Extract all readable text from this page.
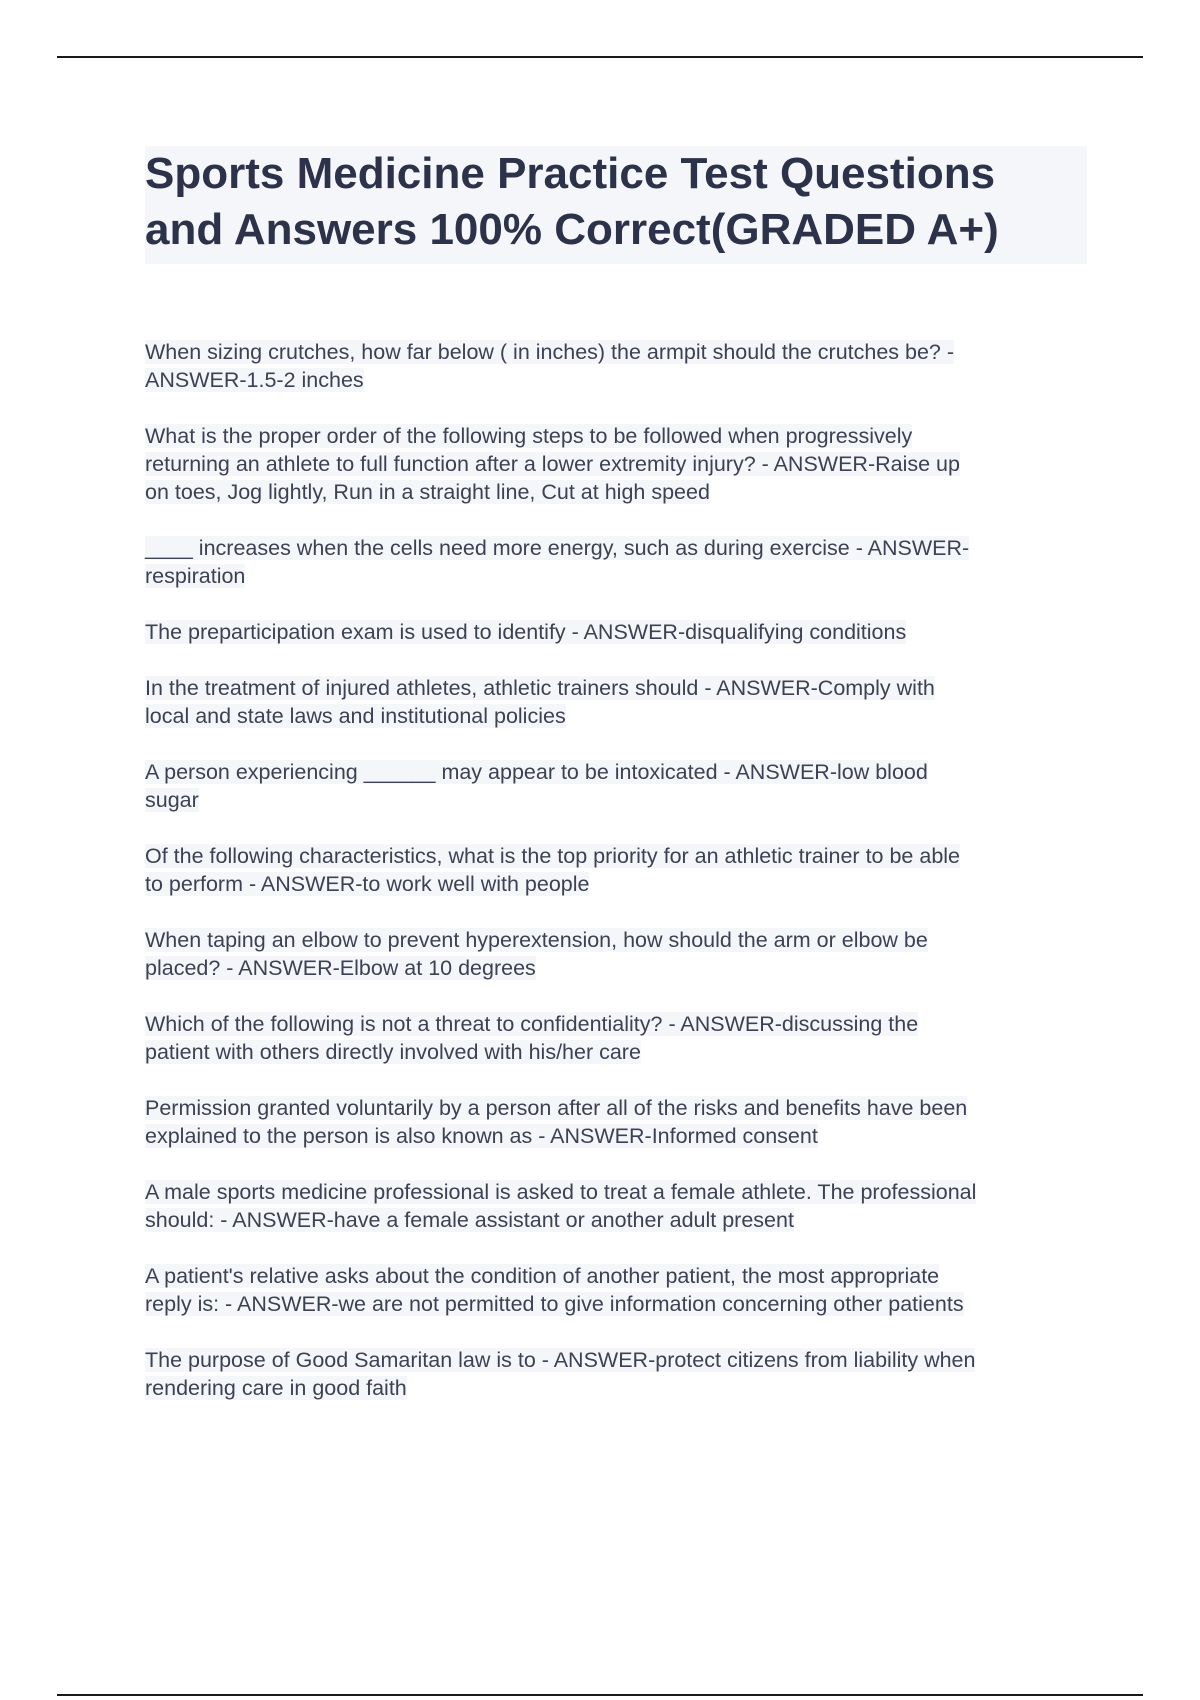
Sports Medicine Practice Test Questions

and Answers 100% Correct(GRADED A+)

When sizing crutches, how far below ( in inches) the armpit should the crutches be? -
ANSWER-1.5-2 inches
What is the proper order of the following steps to be followed when progressively
returning an athlete to full function after a lower extremity injury? - ANSWER-Raise up
on toes, Jog lightly, Run in a straight line, Cut at high speed
____ increases when the cells need more energy, such as during exercise - ANSWER-
respiration
The preparticipation exam is used to identify - ANSWER-disqualifying conditions
In the treatment of injured athletes, athletic trainers should - ANSWER-Comply with
local and state laws and institutional policies
A person experiencing ______ may appear to be intoxicated - ANSWER-low blood
sugar
Of the following characteristics, what is the top priority for an athletic trainer to be able
to perform - ANSWER-to work well with people
When taping an elbow to prevent hyperextension, how should the arm or elbow be
placed? - ANSWER-Elbow at 10 degrees
Which of the following is not a threat to confidentiality? - ANSWER-discussing the
patient with others directly involved with his/her care
Permission granted voluntarily by a person after all of the risks and benefits have been
explained to the person is also known as - ANSWER-Informed consent
A male sports medicine professional is asked to treat a female athlete. The professional
should: - ANSWER-have a female assistant or another adult present
A patient's relative asks about the condition of another patient, the most appropriate
reply is: - ANSWER-we are not permitted to give information concerning other patients
The purpose of Good Samaritan law is to - ANSWER-protect citizens from liability when
rendering care in good faith
